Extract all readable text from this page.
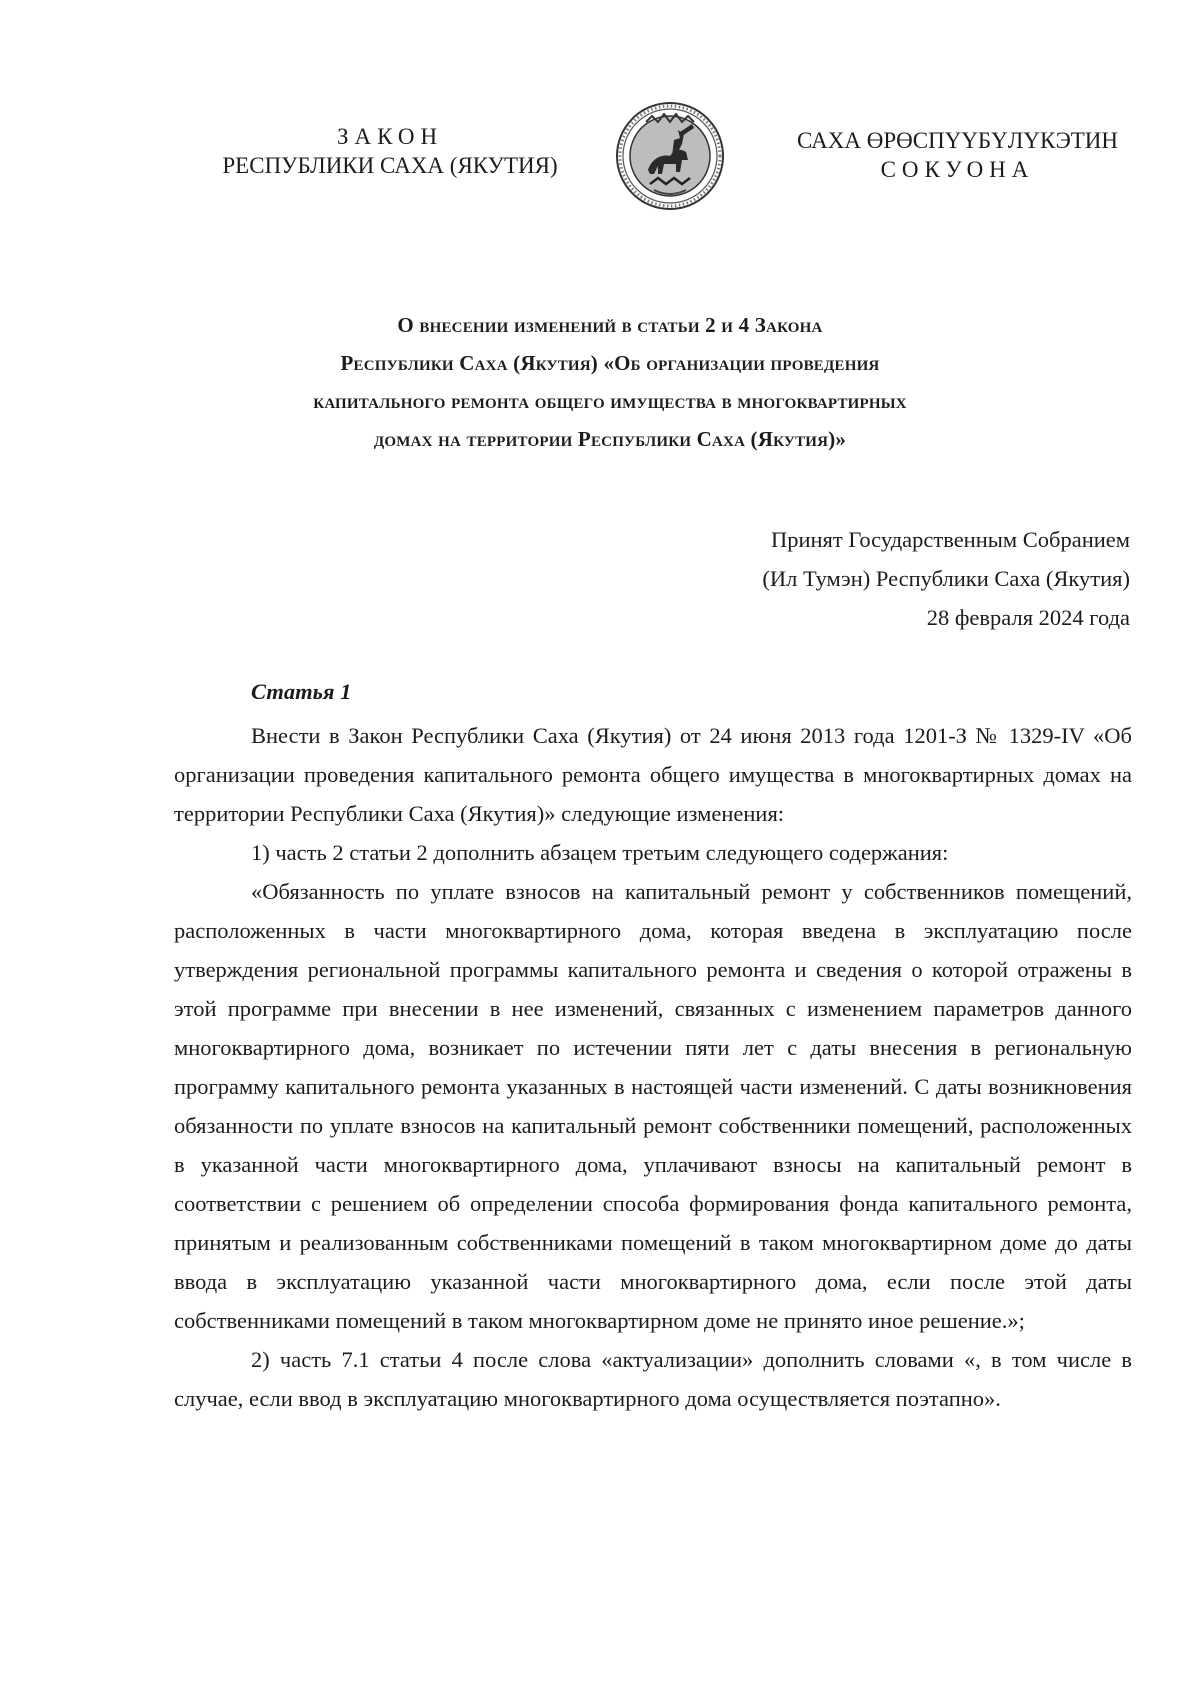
ЗАКОН
РЕСПУБЛИКИ САХА (ЯКУТИЯ)
САХА ӨРӨСПҮҮБҮЛҮКЭТИН
СОКУОНА
О внесении изменений в статьи 2 и 4 Закона
Республики Саха (Якутия) «Об организации проведения
капитального ремонта общего имущества в многоквартирных
домах на территории Республики Саха (Якутия)»
Принят Государственным Собранием
(Ил Тумэн) Республики Саха (Якутия)
28 февраля 2024 года
Статья 1

Внести в Закон Республики Саха (Якутия) от 24 июня 2013 года 1201-З № 1329-IV «Об организации проведения капитального ремонта общего имущества в многоквартирных домах на территории Республики Саха (Якутия)» следующие изменения:

1) часть 2 статьи 2 дополнить абзацем третьим следующего содержания:

«Обязанность по уплате взносов на капитальный ремонт у собственников помещений, расположенных в части многоквартирного дома, которая введена в эксплуатацию после утверждения региональной программы капитального ремонта и сведения о которой отражены в этой программе при внесении в нее изменений, связанных с изменением параметров данного многоквартирного дома, возникает по истечении пяти лет с даты внесения в региональную программу капитального ремонта указанных в настоящей части изменений. С даты возникновения обязанности по уплате взносов на капитальный ремонт собственники помещений, расположенных в указанной части многоквартирного дома, уплачивают взносы на капитальный ремонт в соответствии с решением об определении способа формирования фонда капитального ремонта, принятым и реализованным собственниками помещений в таком многоквартирном доме до даты ввода в эксплуатацию указанной части многоквартирного дома, если после этой даты собственниками помещений в таком многоквартирном доме не принято иное решение.»;

2) часть 7.1 статьи 4 после слова «актуализации» дополнить словами «, в том числе в случае, если ввод в эксплуатацию многоквартирного дома осуществляется поэтапно».
